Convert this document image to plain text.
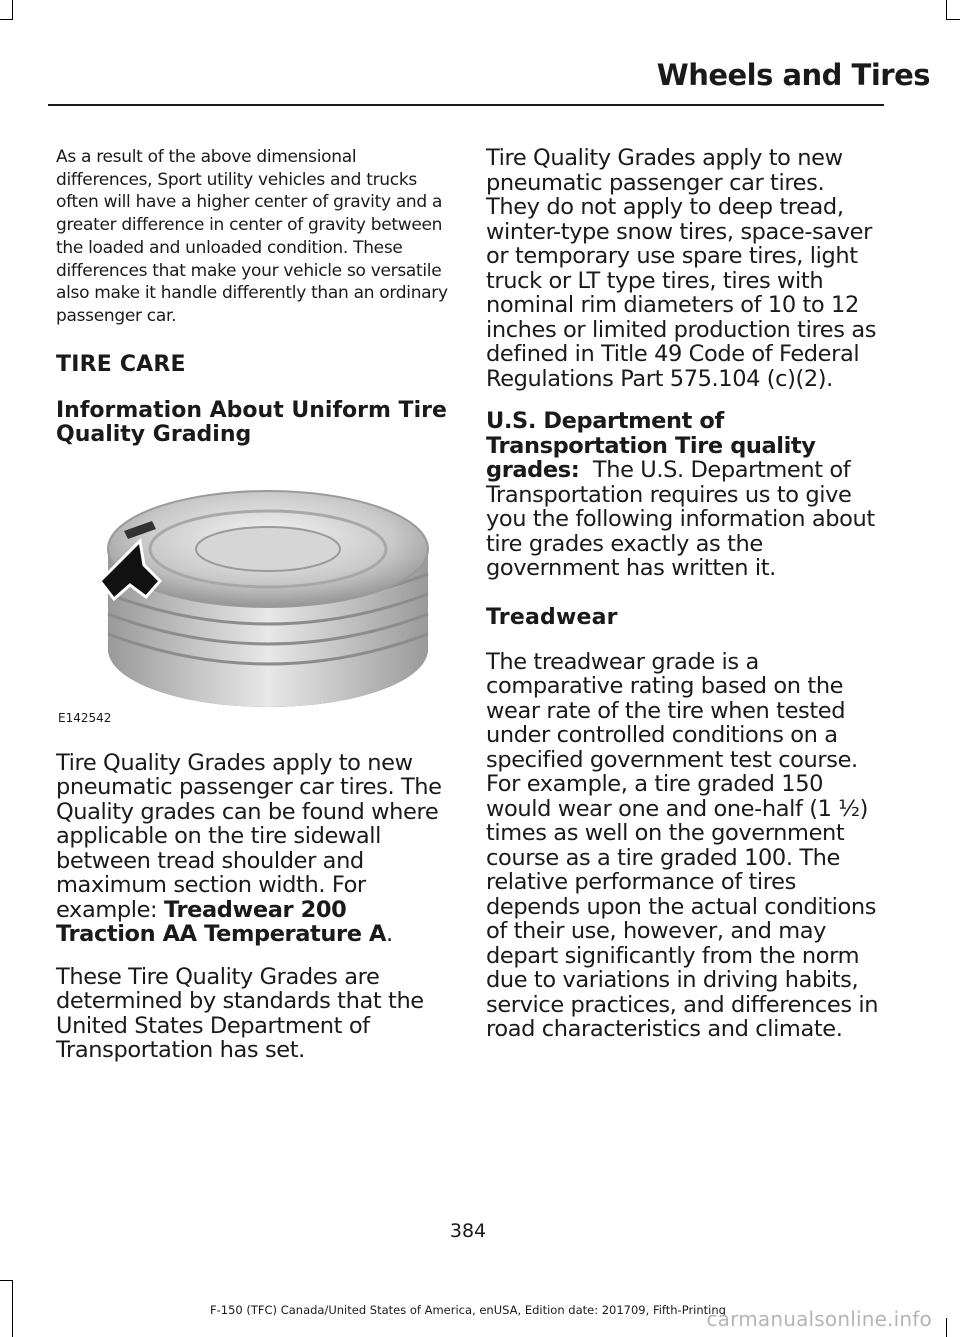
Wheels and Tires

As a result of the above dimensional differences, Sport utility vehicles and trucks often will have a higher center of gravity and a greater difference in center of gravity between the loaded and unloaded condition. These differences that make your vehicle so versatile also make it handle differently than an ordinary passenger car.

TIRE CARE

Information About Uniform Tire Quality Grading

E142542

Tire Quality Grades apply to new pneumatic passenger car tires. The Quality grades can be found where applicable on the tire sidewall between tread shoulder and maximum section width. For example: Treadwear 200 Traction AA Temperature A.

These Tire Quality Grades are determined by standards that the United States Department of Transportation has set.

Tire Quality Grades apply to new pneumatic passenger car tires. They do not apply to deep tread, winter-type snow tires, space-saver or temporary use spare tires, light truck or LT type tires, tires with nominal rim diameters of 10 to 12 inches or limited production tires as defined in Title 49 Code of Federal Regulations Part 575.104 (c)(2).

U.S. Department of Transportation Tire quality grades: The U.S. Department of Transportation requires us to give you the following information about tire grades exactly as the government has written it.

Treadwear

The treadwear grade is a comparative rating based on the wear rate of the tire when tested under controlled conditions on a specified government test course. For example, a tire graded 150 would wear one and one-half (1 ½) times as well on the government course as a tire graded 100. The relative performance of tires depends upon the actual conditions of their use, however, and may depart significantly from the norm due to variations in driving habits, service practices, and differences in road characteristics and climate.

384
F-150 (TFC) Canada/United States of America, enUSA, Edition date: 201709, Fifth-Printing
carmanualsonline.info
